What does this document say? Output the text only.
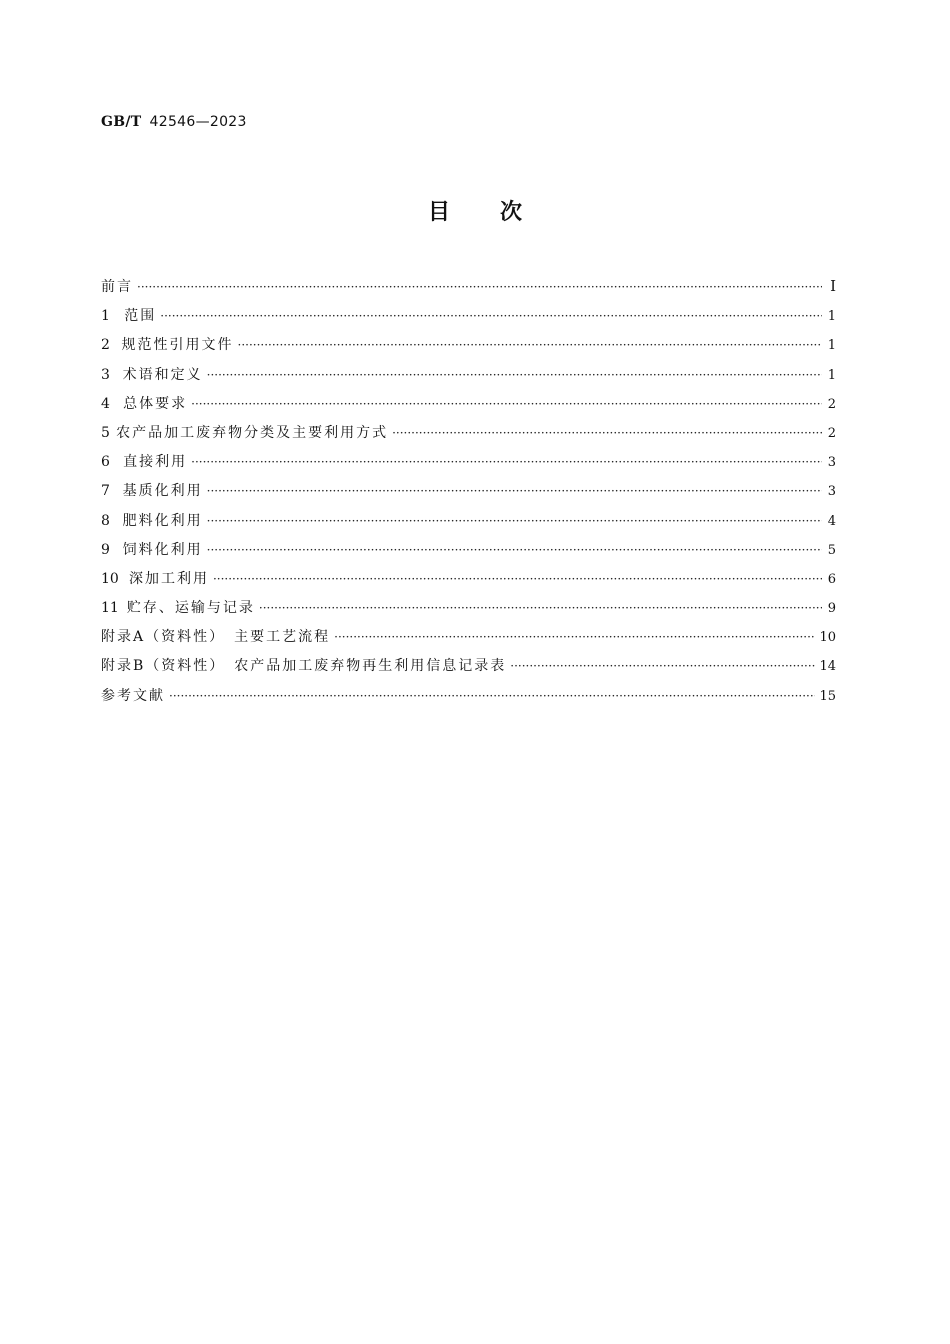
GB/T 42546—2023
目次
前言 ·····	Ⅰ
1	范围 ·····	1
2 规范性引用文件 ·····	1
3 术语和定义 ·····	1
4 总体要求 ·····	2
5 农产品加工废弃物分类及主要利用方式 ·····	2
6 直接利用 ·····	3
7 基质化利用 ·····	3
8 肥料化利用 ·····	4
9 饲料化利用 ·····	5
10 深加工利用 ·····	6
11 贮存、运输与记录 ·····	9
附录A（资料性）　主要工艺流程 ·····	10
附录B（资料性）　农产品加工废弃物再生利用信息记录表 ·····	14
参考文献 ·····	15
